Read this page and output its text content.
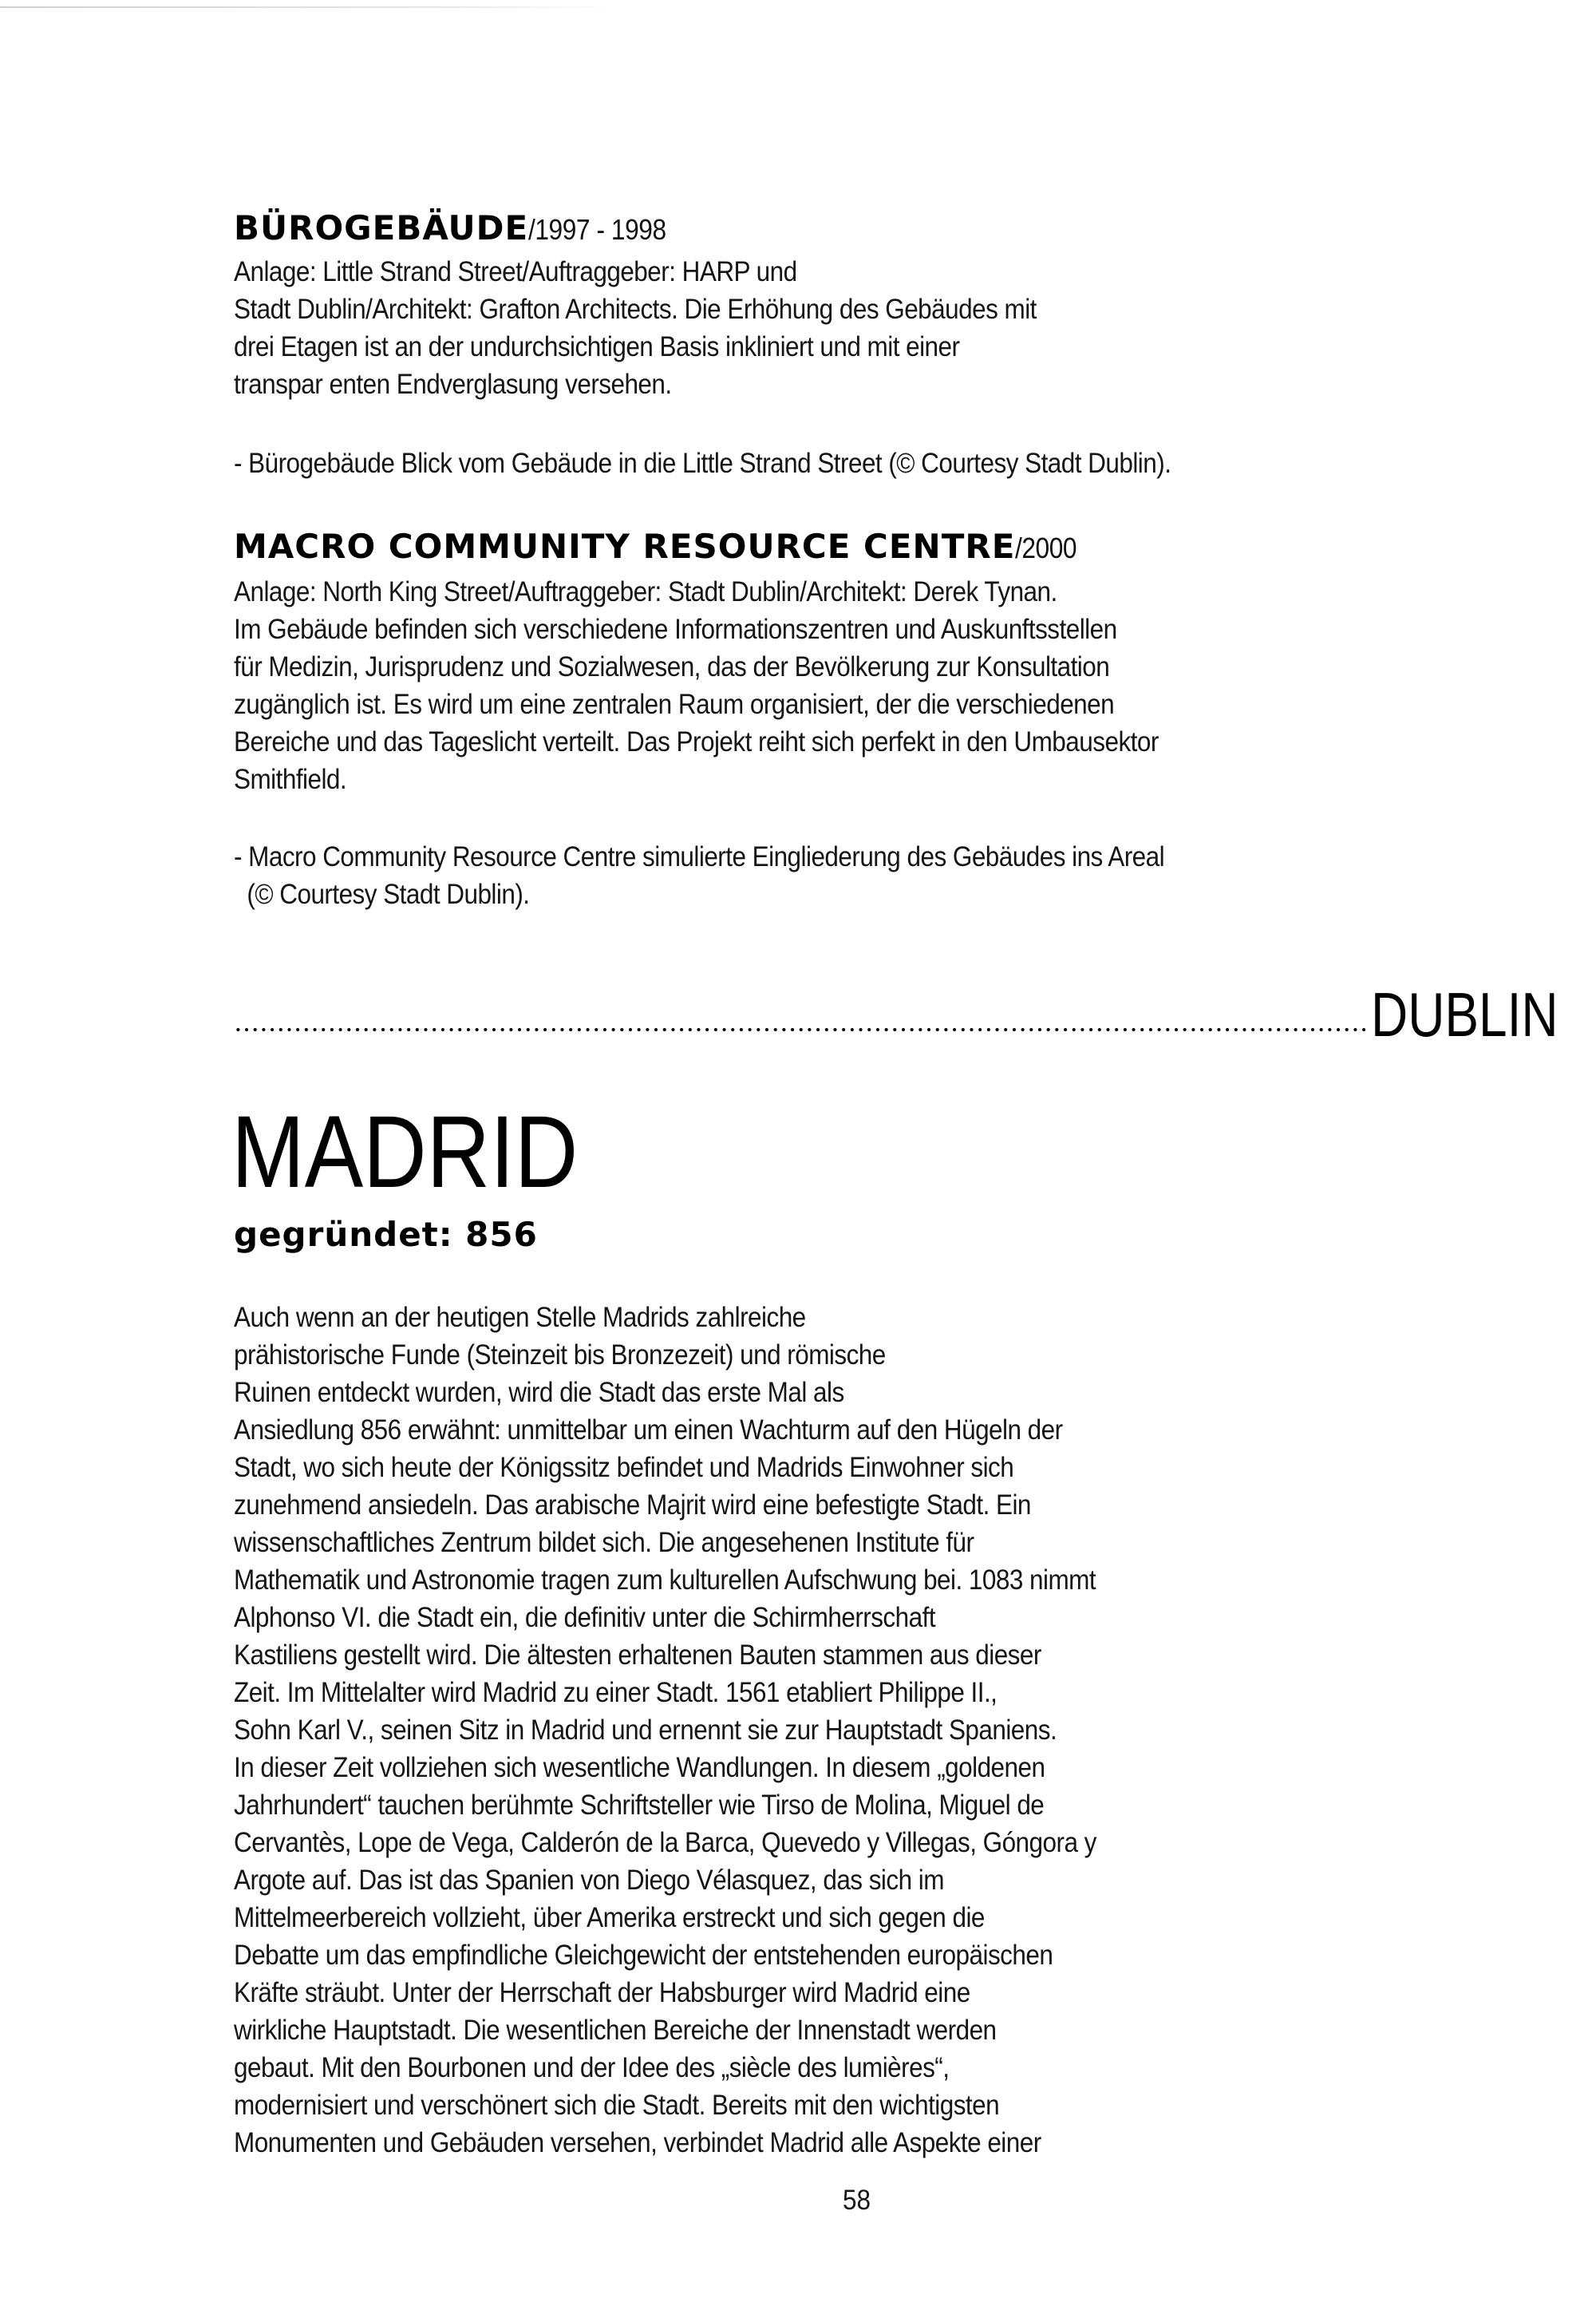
BÜROGEBÄUDE/1997 - 1998
Anlage: Little Strand Street/Auftraggeber: HARP und
Stadt Dublin/Architekt: Grafton Architects. Die Erhöhung des Gebäudes mit
drei Etagen ist an der undurchsichtigen Basis inkliniert und mit einer
transpar enten Endverglasung versehen.
- Bürogebäude Blick vom Gebäude in die Little Strand Street (© Courtesy Stadt Dublin).
MACRO COMMUNITY RESOURCE CENTRE/2000
Anlage: North King Street/Auftraggeber: Stadt Dublin/Architekt: Derek Tynan.
Im Gebäude befinden sich verschiedene Informationszentren und Auskunftsstellen
für Medizin, Jurisprudenz und Sozialwesen, das der Bevölkerung zur Konsultation
zugänglich ist. Es wird um eine zentralen Raum organisiert, der die verschiedenen
Bereiche und das Tageslicht verteilt. Das Projekt reiht sich perfekt in den Umbausektor
Smithfield.
- Macro Community Resource Centre simulierte Eingliederung des Gebäudes ins Areal
(© Courtesy Stadt Dublin).
DUBLIN
MADRID
gegründet: 856
Auch wenn an der heutigen Stelle Madrids zahlreiche
prähistorische Funde (Steinzeit bis Bronzezeit) und römische
Ruinen entdeckt wurden, wird die Stadt das erste Mal als
Ansiedlung 856 erwähnt: unmittelbar um einen Wachturm auf den Hügeln der
Stadt, wo sich heute der Königssitz befindet und Madrids Einwohner sich
zunehmend ansiedeln. Das arabische Majrit wird eine befestigte Stadt. Ein
wissenschaftliches Zentrum bildet sich. Die angesehenen Institute für
Mathematik und Astronomie tragen zum kulturellen Aufschwung bei. 1083 nimmt
Alphonso VI. die Stadt ein, die definitiv unter die Schirmherrschaft
Kastiliens gestellt wird. Die ältesten erhaltenen Bauten stammen aus dieser
Zeit. Im Mittelalter wird Madrid zu einer Stadt. 1561 etabliert Philippe II.,
Sohn Karl V., seinen Sitz in Madrid und ernennt sie zur Hauptstadt Spaniens.
In dieser Zeit vollziehen sich wesentliche Wandlungen. In diesem „goldenen
Jahrhundert“ tauchen berühmte Schriftsteller wie Tirso de Molina, Miguel de
Cervantès, Lope de Vega, Calderón de la Barca, Quevedo y Villegas, Góngora y
Argote auf. Das ist das Spanien von Diego Vélasquez, das sich im
Mittelmeerbereich vollzieht, über Amerika erstreckt und sich gegen die
Debatte um das empfindliche Gleichgewicht der entstehenden europäischen
Kräfte sträubt. Unter der Herrschaft der Habsburger wird Madrid eine
wirkliche Hauptstadt. Die wesentlichen Bereiche der Innenstadt werden
gebaut. Mit den Bourbonen und der Idee des „siècle des lumières“,
modernisiert und verschönert sich die Stadt. Bereits mit den wichtigsten
Monumenten und Gebäuden versehen, verbindet Madrid alle Aspekte einer
58
